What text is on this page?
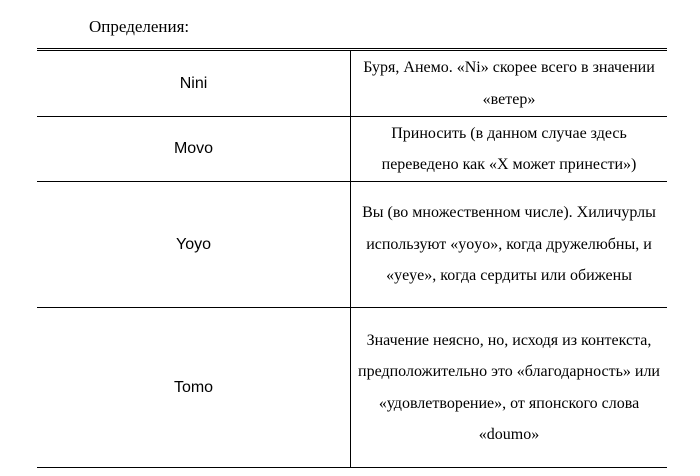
Определения:
Nini	Буря, Анемо. «Ni» скорее всего в значении «ветер»
Movo	Приносить (в данном случае здесь переведено как «X может принести»)
Yoyo	Вы (во множественном числе). Хиличурлы используют «yoyo», когда дружелюбны, и «yeye», когда сердиты или обижены
Tomo	Значение неясно, но, исходя из контекста, предположительно это «благодарность» или «удовлетворение», от японского слова «doumo»
